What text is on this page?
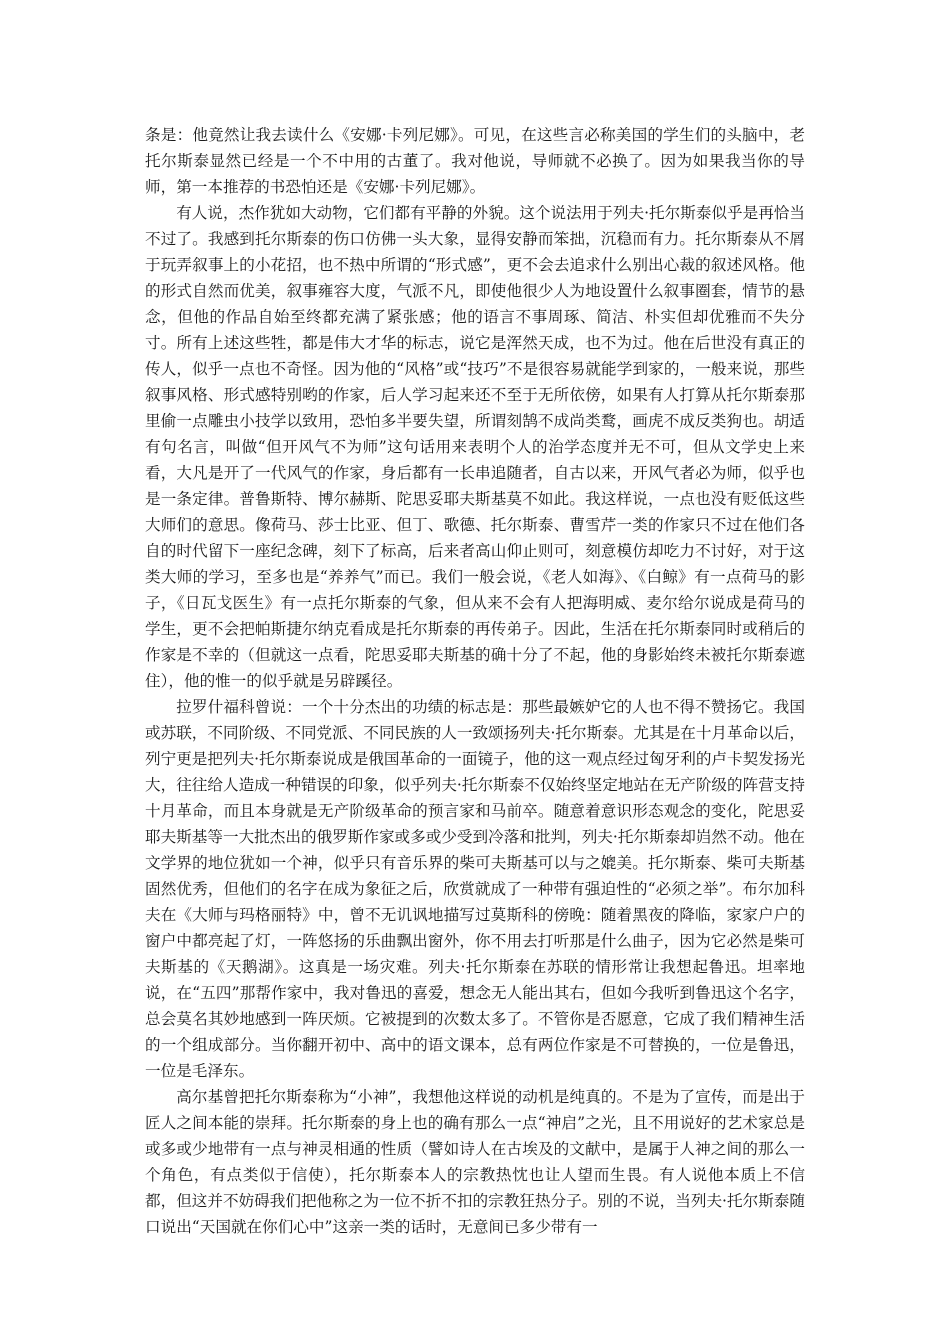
条是：他竟然让我去读什么《安娜·卡列尼娜》。可见，在这些言必称美国的学生们的头脑中，老托尔斯泰显然已经是一个不中用的古董了。我对他说，导师就不必换了。因为如果我当你的导师，第一本推荐的书恐怕还是《安娜·卡列尼娜》。

有人说，杰作犹如大动物，它们都有平静的外貌。这个说法用于列夫·托尔斯泰似乎是再恰当不过了。我感到托尔斯泰的伤口仿佛一头大象，显得安静而笨拙，沉稳而有力。托尔斯泰从不屑于玩弄叙事上的小花招，也不热中所谓的“形式感”，更不会去追求什么别出心裁的叙述风格。他的形式自然而优美，叙事雍容大度，气派不凡，即使他很少人为地设置什么叙事圈套，情节的悬念，但他的作品自始至终都充满了紧张感；他的语言不事周琢、简洁、朴实但却优雅而不失分寸。所有上述这些牲，都是伟大才华的标志，说它是浑然天成，也不为过。他在后世没有真正的传人，似乎一点也不奇怪。因为他的“风格”或“技巧”不是很容易就能学到家的，一般来说，那些叙事风格、形式感特别哟的作家，后人学习起来还不至于无所依傍，如果有人打算从托尔斯泰那里偷一点雕虫小技学以致用，恐怕多半要失望，所谓刻鹄不成尚类鹜，画虎不成反类狗也。胡适有句名言，叫做“但开风气不为师”这句话用来表明个人的治学态度并无不可，但从文学史上来看，大凡是开了一代风气的作家，身后都有一长串追随者，自古以来，开风气者必为师，似乎也是一条定律。普鲁斯特、博尔赫斯、陀思妥耶夫斯基莫不如此。我这样说，一点也没有贬低这些大师们的意思。像荷马、莎士比亚、但丁、歌德、托尔斯泰、曹雪芹一类的作家只不过在他们各自的时代留下一座纪念碑，刻下了标高，后来者高山仰止则可，刻意模仿却吃力不讨好，对于这类大师的学习，至多也是“养养气”而已。我们一般会说，《老人如海》、《白鲸》有一点荷马的影子，《日瓦戈医生》有一点托尔斯泰的气象，但从来不会有人把海明威、麦尔给尔说成是荷马的学生，更不会把帕斯捷尔纳克看成是托尔斯泰的再传弟子。因此，生活在托尔斯泰同时或稍后的作家是不幸的（但就这一点看，陀思妥耶夫斯基的确十分了不起，他的身影始终未被托尔斯泰遮住），他的惟一的似乎就是另辟蹊径。

拉罗什福科曾说：一个十分杰出的功绩的标志是：那些最嫉妒它的人也不得不赞扬它。我国或苏联，不同阶级、不同党派、不同民族的人一致颂扬列夫·托尔斯泰。尤其是在十月革命以后，列宁更是把列夫·托尔斯泰说成是俄国革命的一面镜子，他的这一观点经过匈牙利的卢卡契发扬光大，往往给人造成一种错误的印象，似乎列夫·托尔斯泰不仅始终坚定地站在无产阶级的阵营支持十月革命，而且本身就是无产阶级革命的预言家和马前卒。随意着意识形态观念的变化，陀思妥耶夫斯基等一大批杰出的俄罗斯作家或多或少受到冷落和批判，列夫·托尔斯泰却岿然不动。他在文学界的地位犹如一个神，似乎只有音乐界的柴可夫斯基可以与之媲美。托尔斯泰、柴可夫斯基固然优秀，但他们的名字在成为象征之后，欣赏就成了一种带有强迫性的“必须之举”。布尔加科夫在《大师与玛格丽特》中，曾不无讥讽地描写过莫斯科的傍晚：随着黑夜的降临，家家户户的窗户中都亮起了灯，一阵悠扬的乐曲飘出窗外，你不用去打听那是什么曲子，因为它必然是柴可夫斯基的《天鹅湖》。这真是一场灾难。列夫·托尔斯泰在苏联的情形常让我想起鲁迅。坦率地说，在“五四”那帮作家中，我对鲁迅的喜爱，想念无人能出其右，但如今我听到鲁迅这个名字，总会莫名其妙地感到一阵厌烦。它被提到的次数太多了。不管你是否愿意，它成了我们精神生活的一个组成部分。当你翻开初中、高中的语文课本，总有两位作家是不可替换的，一位是鲁迅，一位是毛泽东。

高尔基曾把托尔斯泰称为“小神”，我想他这样说的动机是纯真的。不是为了宣传，而是出于匠人之间本能的崇拜。托尔斯泰的身上也的确有那么一点“神启”之光，且不用说好的艺术家总是或多或少地带有一点与神灵相通的性质（譬如诗人在古埃及的文献中，是属于人神之间的那么一个角色，有点类似于信使），托尔斯泰本人的宗教热忱也让人望而生畏。有人说他本质上不信都，但这并不妨碍我们把他称之为一位不折不扣的宗教狂热分子。别的不说，当列夫·托尔斯泰随口说出“天国就在你们心中”这亲一类的话时，无意间已多少带有一
